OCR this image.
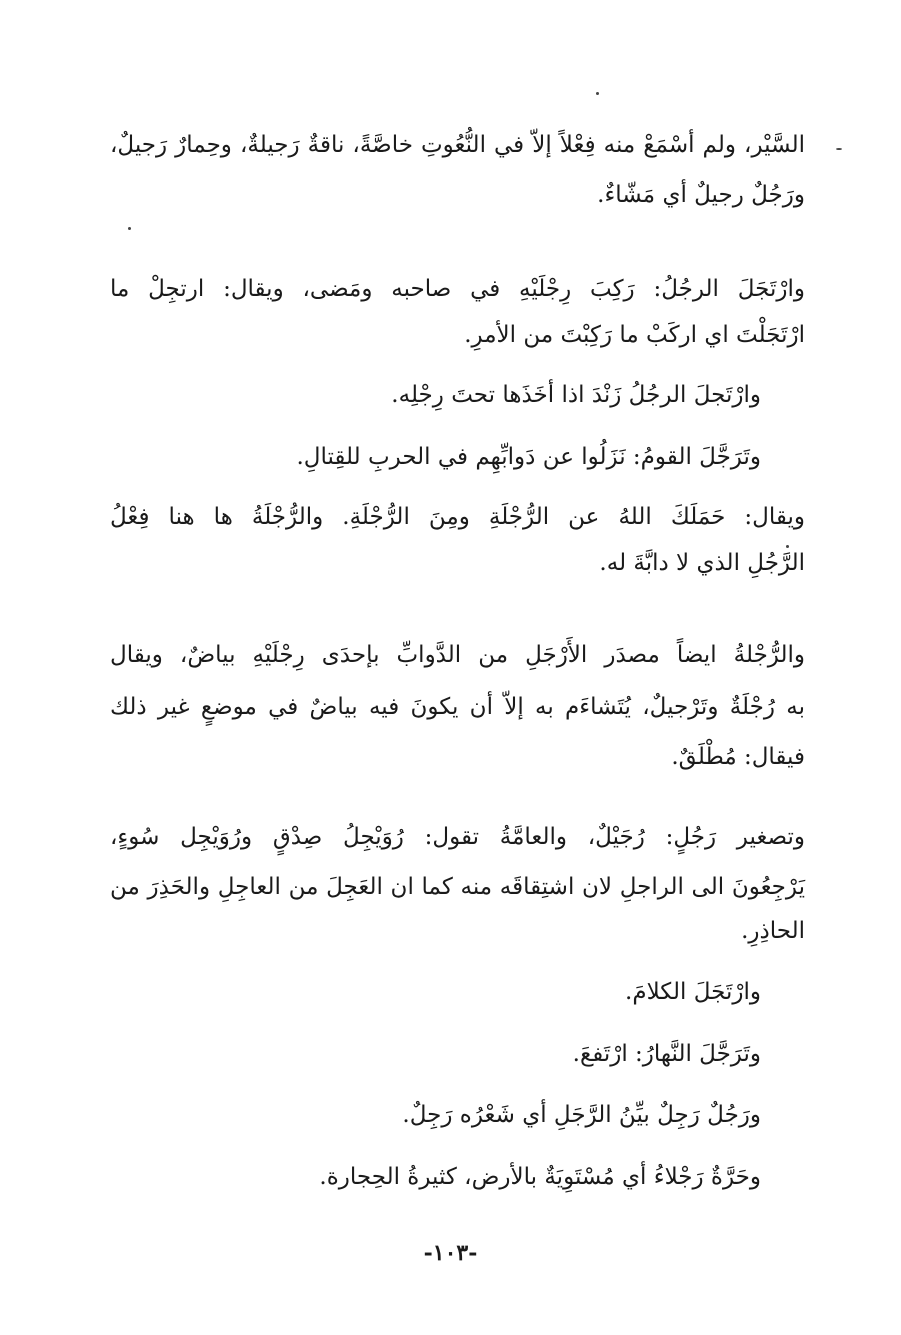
السَّيْر، ولم أسْمَعْ منه فِعْلاً إلاّ في النُّعُوتِ خاصَّةً، ناقةٌ رَجيلةٌ، وحِمارٌ رَجيلٌ،
ورَجُلٌ رجيلٌ أي مَشّاءٌ.
وارْتَجَلَ الرجُلُ: رَكِبَ رِجْلَيْهِ في صاحبه ومَضى، ويقال: ارتجِلْ ما
ارْتَجَلْتَ اي اركَبْ ما رَكِبْتَ من الأمرِ.
وارْتَجلَ الرجُلُ زَنْدَ اذا أخَذَها تحتَ رِجْلِه.
وتَرَجَّلَ القومُ: نَزَلُوا عن دَوابِّهِم في الحربِ للقِتالِ.
ويقال: حَمَلَكَ اللهُ عن الرُّجْلَةِ ومِنَ الرُّجْلَةِ. والرُّجْلَةُ ها هنا فِعْلُ
الرَّجُلِ الذي لا دابَّةَ له.
والرُّجْلةُ ايضاً مصدَر الأَرْجَلِ من الدَّوابِّ بإحدَى رِجْلَيْهِ بياضٌ، ويقال
به رُجْلَةٌ وتَرْجيلٌ، يُتَشاءَم به إلاّ أن يكونَ فيه بياضٌ في موضعٍ غير ذلك
فيقال: مُطْلَقٌ.
وتصغير رَجُلٍ: رُجَيْلٌ، والعامَّةُ تقول: رُوَيْجِلُ صِدْقٍ ورُوَيْجِل سُوءٍ،
يَرْجِعُونَ الى الراجلِ لان اشتِقاقَه منه كما ان العَجِلَ من العاجِلِ والحَذِرَ من
الحاذِرِ.
وارْتَجَلَ الكلامَ.
وتَرَجَّلَ النَّهارُ: ارْتَفعَ.
ورَجُلٌ رَجِلٌ بيِّنُ الرَّجَلِ أي شَعْرُه رَجِلٌ.
وحَرَّةٌ رَجْلاءُ أي مُسْتَوِيَةٌ بالأرض، كثيرةُ الحِجارة.
-١٠٣-
